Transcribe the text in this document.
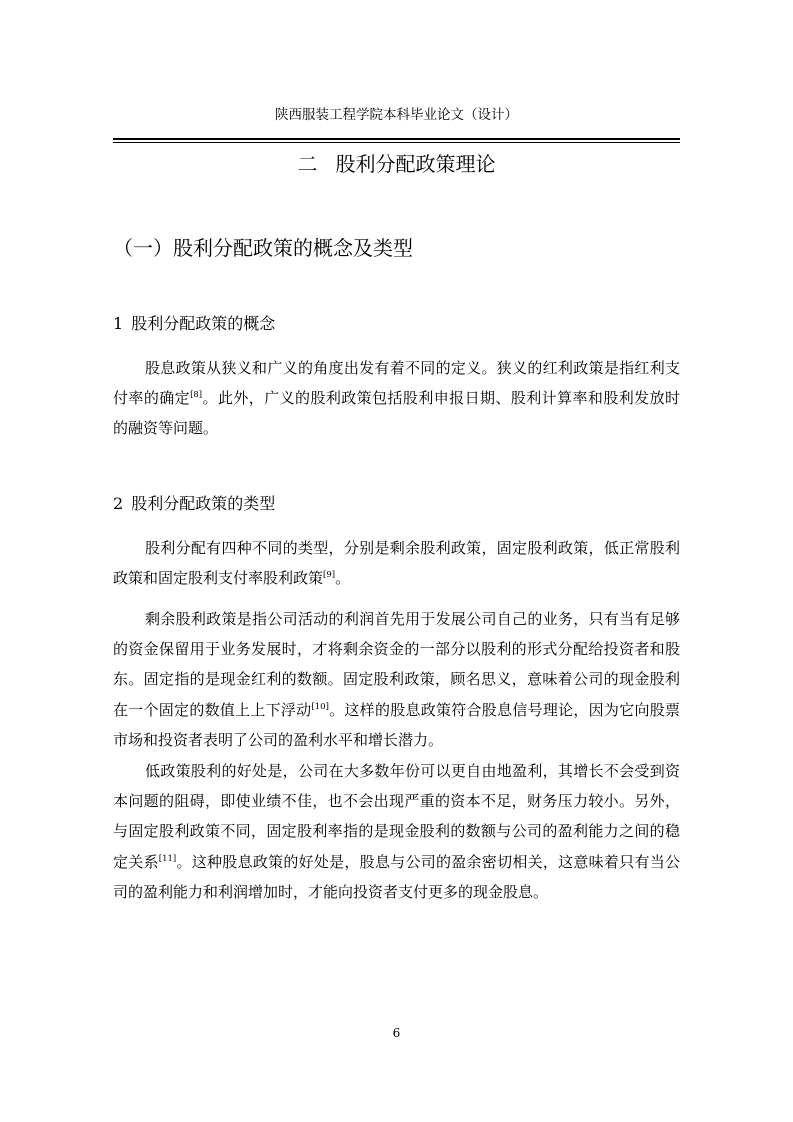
陕西服装工程学院本科毕业论文（设计）
二 股利分配政策理论
（一）股利分配政策的概念及类型
1 股利分配政策的概念

股息政策从狭义和广义的角度出发有着不同的定义。狭义的红利政策是指红利支付率的确定[8]。此外，广义的股利政策包括股利申报日期、股利计算率和股利发放时的融资等问题。

2 股利分配政策的类型

股利分配有四种不同的类型，分别是剩余股利政策，固定股利政策，低正常股利政策和固定股利支付率股利政策[9]。

剩余股利政策是指公司活动的利润首先用于发展公司自己的业务，只有当有足够的资金保留用于业务发展时，才将剩余资金的一部分以股利的形式分配给投资者和股东。固定指的是现金红利的数额。固定股利政策，顾名思义，意味着公司的现金股利在一个固定的数值上上下浮动[10]。这样的股息政策符合股息信号理论，因为它向股票市场和投资者表明了公司的盈利水平和增长潜力。

低政策股利的好处是，公司在大多数年份可以更自由地盈利，其增长不会受到资本问题的阻碍，即使业绩不佳，也不会出现严重的资本不足，财务压力较小。另外，与固定股利政策不同，固定股利率指的是现金股利的数额与公司的盈利能力之间的稳定关系[11]。这种股息政策的好处是，股息与公司的盈余密切相关，这意味着只有当公司的盈利能力和利润增加时，才能向投资者支付更多的现金股息。

6
